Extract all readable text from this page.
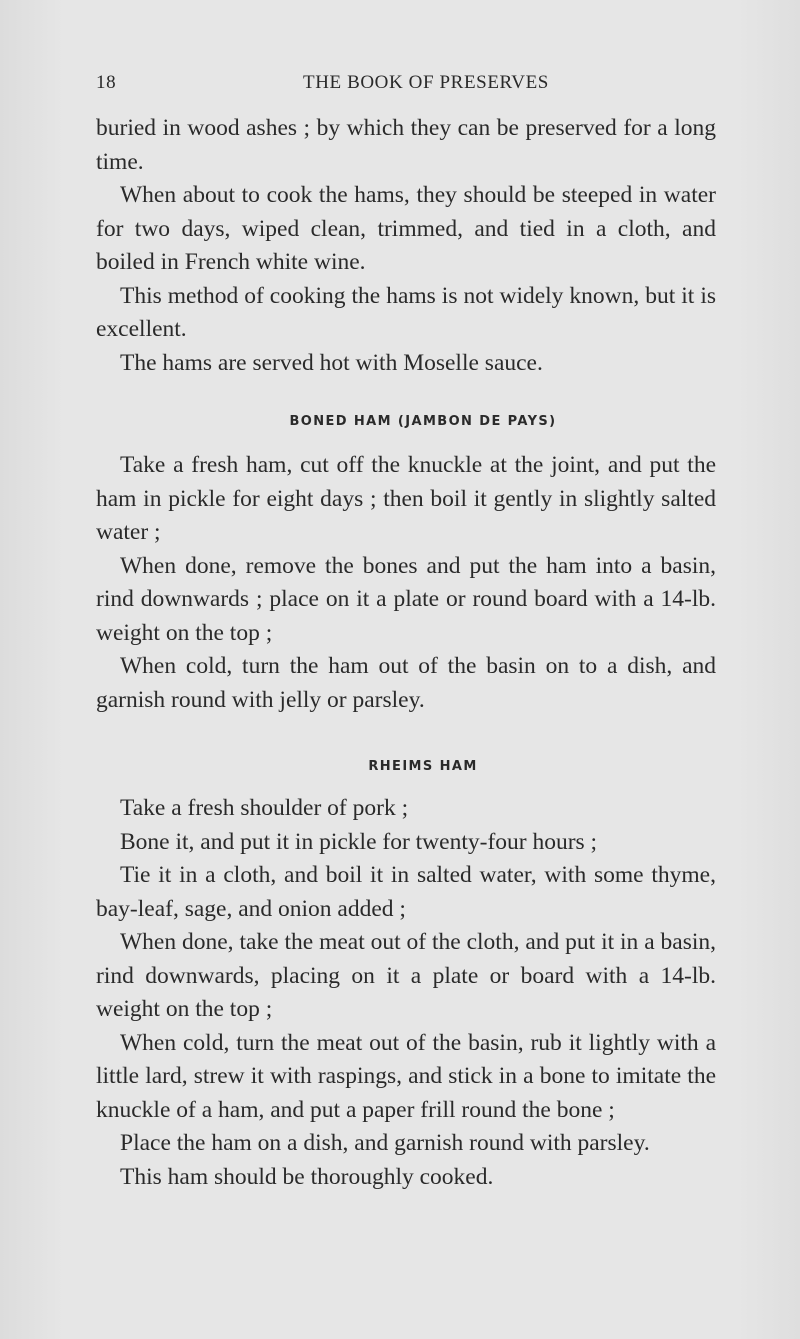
18	THE BOOK OF PRESERVES

buried in wood ashes ; by which they can be preserved for a long time.

When about to cook the hams, they should be steeped in water for two days, wiped clean, trimmed, and tied in a cloth, and boiled in French white wine.

This method of cooking the hams is not widely known, but it is excellent.

The hams are served hot with Moselle sauce.

BONED HAM (JAMBON DE PAYS)

Take a fresh ham, cut off the knuckle at the joint, and put the ham in pickle for eight days ; then boil it gently in slightly salted water ;

When done, remove the bones and put the ham into a basin, rind downwards ; place on it a plate or round board with a 14-lb. weight on the top ;

When cold, turn the ham out of the basin on to a dish, and garnish round with jelly or parsley.

RHEIMS HAM

Take a fresh shoulder of pork ;

Bone it, and put it in pickle for twenty-four hours ;

Tie it in a cloth, and boil it in salted water, with some thyme, bay-leaf, sage, and onion added ;

When done, take the meat out of the cloth, and put it in a basin, rind downwards, placing on it a plate or board with a 14-lb. weight on the top ;

When cold, turn the meat out of the basin, rub it lightly with a little lard, strew it with raspings, and stick in a bone to imitate the knuckle of a ham, and put a paper frill round the bone ;

Place the ham on a dish, and garnish round with parsley.

This ham should be thoroughly cooked.
